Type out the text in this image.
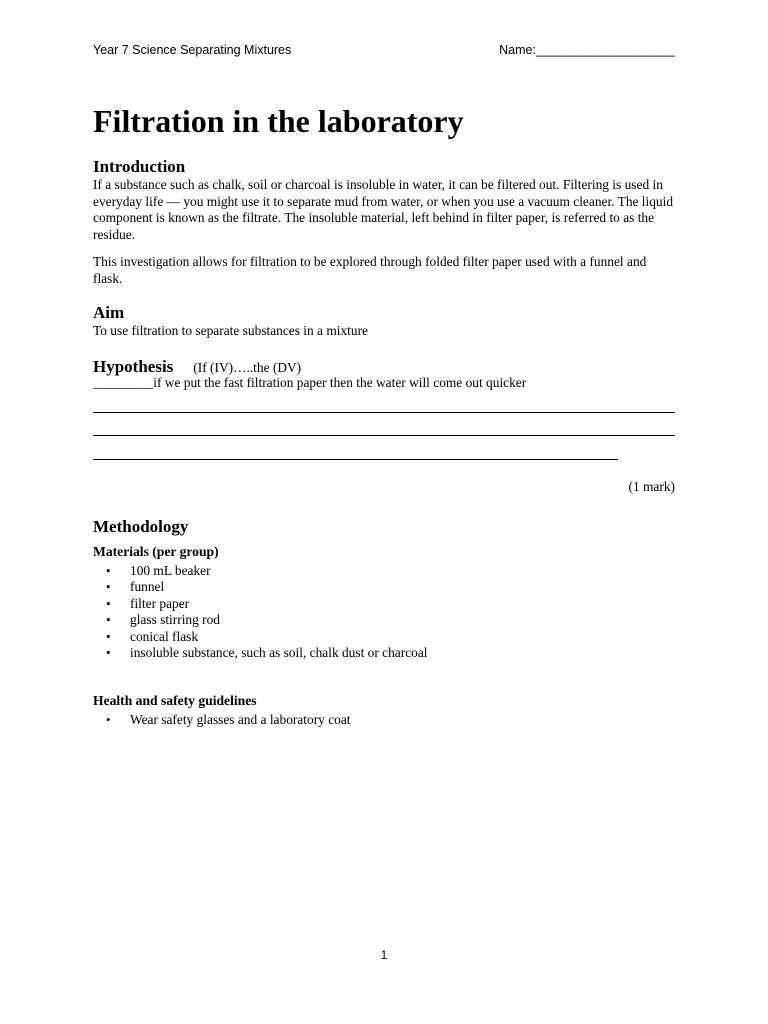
Year 7 Science Separating Mixtures	Name:____________________
Filtration in the laboratory
Introduction

If a substance such as chalk, soil or charcoal is insoluble in water, it can be filtered out. Filtering is used in everyday life — you might use it to separate mud from water, or when you use a vacuum cleaner. The liquid component is known as the filtrate. The insoluble material, left behind in filter paper, is referred to as the residue.

This investigation allows for filtration to be explored through folded filter paper used with a funnel and flask.

Aim

To use filtration to separate substances in a mixture

Hypothesis (If (IV)…..the (DV)

_________if we put the fast filtration paper then the water will come out quicker

(1 mark)
Methodology
Materials (per group)
• 100 mL beaker
• funnel
• filter paper
• glass stirring rod
• conical flask
• insoluble substance, such as soil, chalk dust or charcoal
Health and safety guidelines
• Wear safety glasses and a laboratory coat
1
